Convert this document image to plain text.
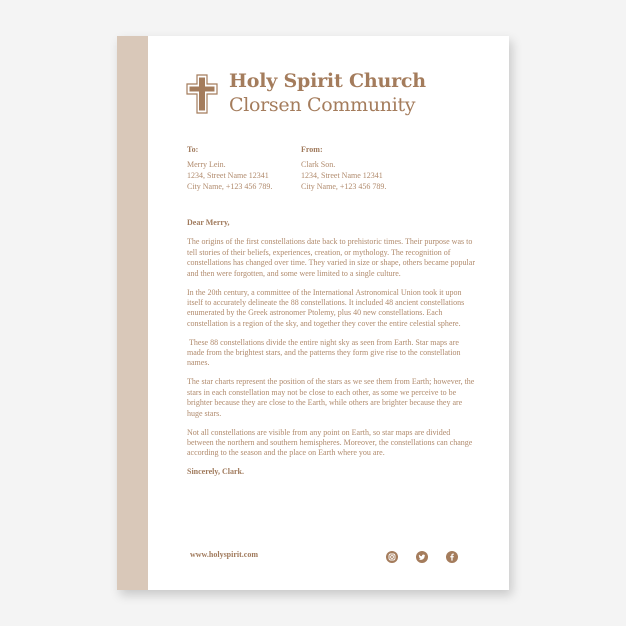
Holy Spirit Church
Clorsen Community
To:
Merry Lein.
1234, Street Name 12341
City Name, +123 456 789.
From:
Clark Son.
1234, Street Name 12341
City Name, +123 456 789.

Dear Merry,

The origins of the first constellations date back to prehistoric times. Their purpose was to tell stories of their beliefs, experiences, creation, or mythology. The recognition of constellations has changed over time. They varied in size or shape, others became popular and then were forgotten, and some were limited to a single culture.

In the 20th century, a committee of the International Astronomical Union took it upon itself to accurately delineate the 88 constellations. It included 48 ancient constellations enumerated by the Greek astronomer Ptolemy, plus 40 new constellations. Each constellation is a region of the sky, and together they cover the entire celestial sphere.

These 88 constellations divide the entire night sky as seen from Earth. Star maps are made from the brightest stars, and the patterns they form give rise to the constellation names.

The star charts represent the position of the stars as we see them from Earth; however, the stars in each constellation may not be close to each other, as some we perceive to be brighter because they are close to the Earth, while others are brighter because they are huge stars.

Not all constellations are visible from any point on Earth, so star maps are divided between the northern and southern hemispheres. Moreover, the constellations can change according to the season and the place on Earth where you are.

Sincerely, Clark.

www.holyspirit.com
